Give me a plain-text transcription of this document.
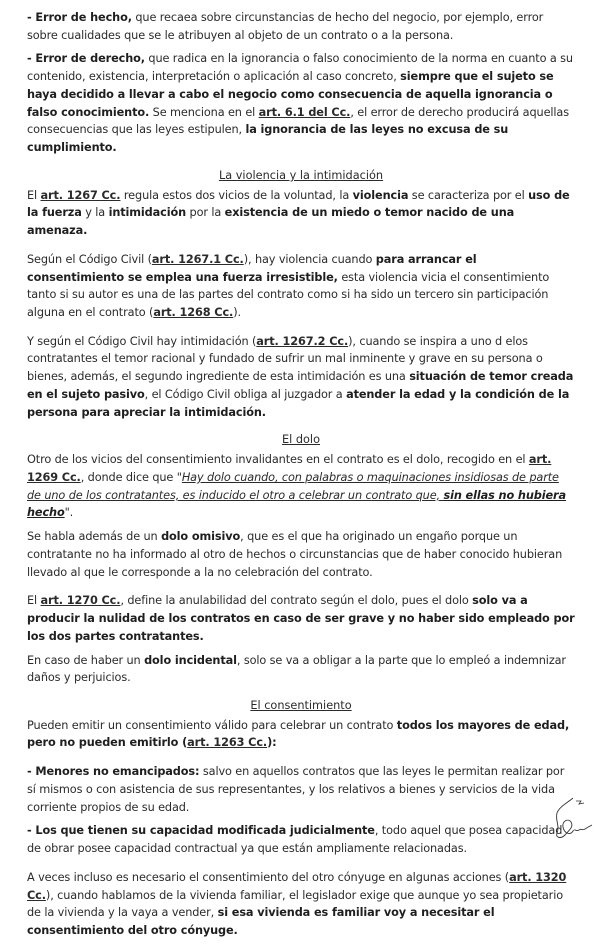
- Error de hecho, que recaea sobre circunstancias de hecho del negocio, por ejemplo, error sobre cualidades que se le atribuyen al objeto de un contrato o a la persona.

- Error de derecho, que radica en la ignorancia o falso conocimiento de la norma en cuanto a su contenido, existencia, interpretación o aplicación al caso concreto, siempre que el sujeto se haya decidido a llevar a cabo el negocio como consecuencia de aquella ignorancia o falso conocimiento. Se menciona en el art. 6.1 del Cc., el error de derecho producirá aquellas consecuencias que las leyes estipulen, la ignorancia de las leyes no excusa de su cumplimiento.

La violencia y la intimidación

El art. 1267 Cc. regula estos dos vicios de la voluntad, la violencia se caracteriza por el uso de la fuerza y la intimidación por la existencia de un miedo o temor nacido de una amenaza.

Según el Código Civil (art. 1267.1 Cc.), hay violencia cuando para arrancar el consentimiento se emplea una fuerza irresistible, esta violencia vicia el consentimiento tanto si su autor es una de las partes del contrato como si ha sido un tercero sin participación alguna en el contrato (art. 1268 Cc.).

Y según el Código Civil hay intimidación (art. 1267.2 Cc.), cuando se inspira a uno d elos contratantes el temor racional y fundado de sufrir un mal inminente y grave en su persona o bienes, además, el segundo ingrediente de esta intimidación es una situación de temor creada en el sujeto pasivo, el Código Civil obliga al juzgador a atender la edad y la condición de la persona para apreciar la intimidación.

El dolo

Otro de los vicios del consentimiento invalidantes en el contrato es el dolo, recogido en el art. 1269 Cc., donde dice que "Hay dolo cuando, con palabras o maquinaciones insidiosas de parte de uno de los contratantes, es inducido el otro a celebrar un contrato que, sin ellas no hubiera hecho".

Se habla además de un dolo omisivo, que es el que ha originado un engaño porque un contratante no ha informado al otro de hechos o circunstancias que de haber conocido hubieran llevado al que le corresponde a la no celebración del contrato.

El art. 1270 Cc., define la anulabilidad del contrato según el dolo, pues el dolo solo va a producir la nulidad de los contratos en caso de ser grave y no haber sido empleado por los dos partes contratantes.

En caso de haber un dolo incidental, solo se va a obligar a la parte que lo empleó a indemnizar daños y perjuicios.

El consentimiento

Pueden emitir un consentimiento válido para celebrar un contrato todos los mayores de edad, pero no pueden emitirlo (art. 1263 Cc.):

- Menores no emancipados: salvo en aquellos contratos que las leyes le permitan realizar por sí mismos o con asistencia de sus representantes, y los relativos a bienes y servicios de la vida corriente propios de su edad.

- Los que tienen su capacidad modificada judicialmente, todo aquel que posea capacidad de obrar posee capacidad contractual ya que están ampliamente relacionadas.

A veces incluso es necesario el consentimiento del otro cónyuge en algunas acciones (art. 1320 Cc.), cuando hablamos de la vivienda familiar, el legislador exige que aunque yo sea propietario de la vivienda y la vaya a vender, si esa vivienda es familiar voy a necesitar el consentimiento del otro cónyuge.
